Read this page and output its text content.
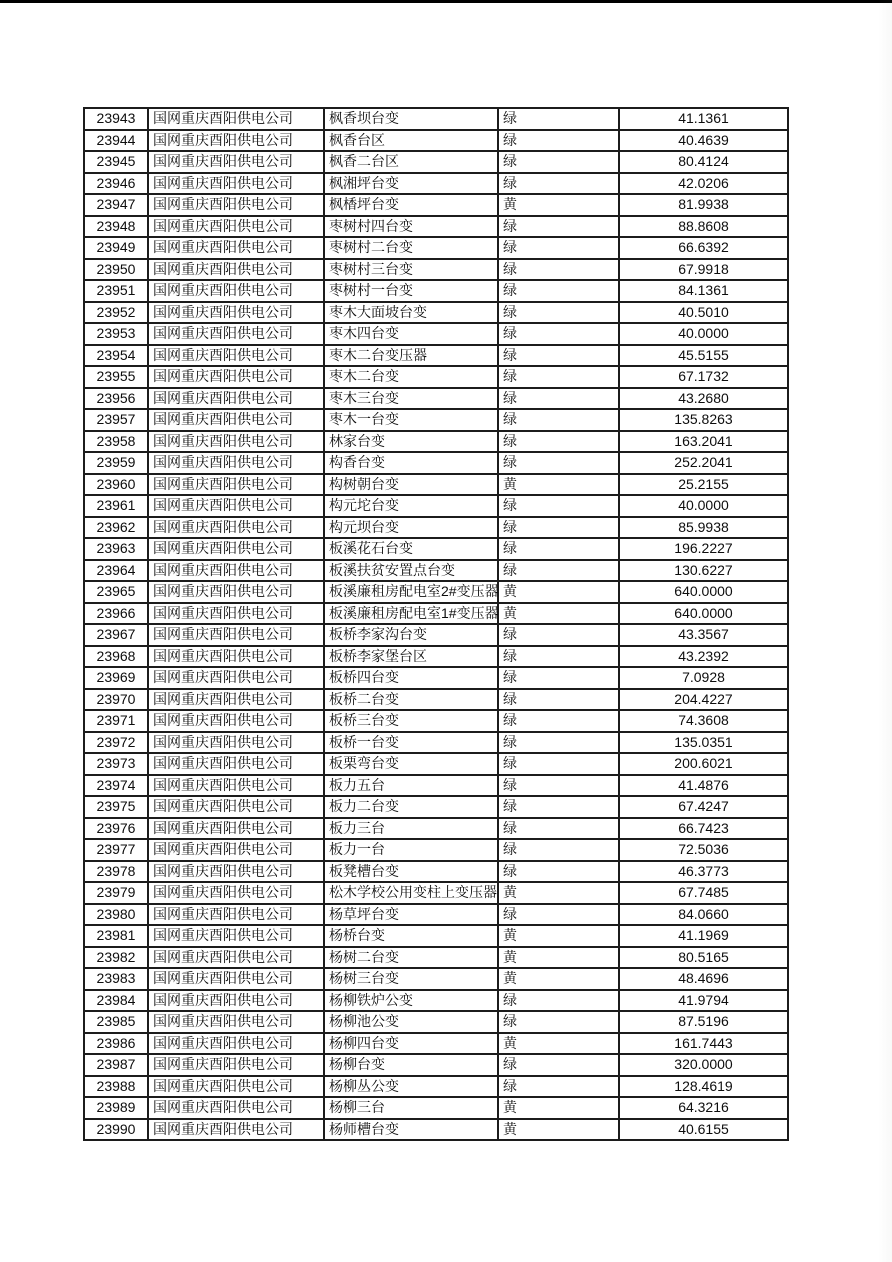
23943	国网重庆酉阳供电公司	枫香坝台变	绿	41.1361
23944	国网重庆酉阳供电公司	枫香台区	绿	40.4639
23945	国网重庆酉阳供电公司	枫香二台区	绿	80.4124
23946	国网重庆酉阳供电公司	枫湘坪台变	绿	42.0206
23947	国网重庆酉阳供电公司	枫楿坪台变	黄	81.9938
23948	国网重庆酉阳供电公司	枣树村四台变	绿	88.8608
23949	国网重庆酉阳供电公司	枣树村二台变	绿	66.6392
23950	国网重庆酉阳供电公司	枣树村三台变	绿	67.9918
23951	国网重庆酉阳供电公司	枣树村一台变	绿	84.1361
23952	国网重庆酉阳供电公司	枣木大面坡台变	绿	40.5010
23953	国网重庆酉阳供电公司	枣木四台变	绿	40.0000
23954	国网重庆酉阳供电公司	枣木二台变压器	绿	45.5155
23955	国网重庆酉阳供电公司	枣木二台变	绿	67.1732
23956	国网重庆酉阳供电公司	枣木三台变	绿	43.2680
23957	国网重庆酉阳供电公司	枣木一台变	绿	135.8263
23958	国网重庆酉阳供电公司	林家台变	绿	163.2041
23959	国网重庆酉阳供电公司	构香台变	绿	252.2041
23960	国网重庆酉阳供电公司	构树朝台变	黄	25.2155
23961	国网重庆酉阳供电公司	构元坨台变	绿	40.0000
23962	国网重庆酉阳供电公司	构元坝台变	绿	85.9938
23963	国网重庆酉阳供电公司	板溪花石台变	绿	196.2227
23964	国网重庆酉阳供电公司	板溪扶贫安置点台变	绿	130.6227
23965	国网重庆酉阳供电公司	板溪廉租房配电室2#变压器	黄	640.0000
23966	国网重庆酉阳供电公司	板溪廉租房配电室1#变压器	黄	640.0000
23967	国网重庆酉阳供电公司	板桥李家沟台变	绿	43.3567
23968	国网重庆酉阳供电公司	板桥李家堡台区	绿	43.2392
23969	国网重庆酉阳供电公司	板桥四台变	绿	7.0928
23970	国网重庆酉阳供电公司	板桥二台变	绿	204.4227
23971	国网重庆酉阳供电公司	板桥三台变	绿	74.3608
23972	国网重庆酉阳供电公司	板桥一台变	绿	135.0351
23973	国网重庆酉阳供电公司	板栗弯台变	绿	200.6021
23974	国网重庆酉阳供电公司	板力五台	绿	41.4876
23975	国网重庆酉阳供电公司	板力二台变	绿	67.4247
23976	国网重庆酉阳供电公司	板力三台	绿	66.7423
23977	国网重庆酉阳供电公司	板力一台	绿	72.5036
23978	国网重庆酉阳供电公司	板凳槽台变	绿	46.3773
23979	国网重庆酉阳供电公司	松木学校公用变柱上变压器	黄	67.7485
23980	国网重庆酉阳供电公司	杨草坪台变	绿	84.0660
23981	国网重庆酉阳供电公司	杨桥台变	黄	41.1969
23982	国网重庆酉阳供电公司	杨树二台变	黄	80.5165
23983	国网重庆酉阳供电公司	杨树三台变	黄	48.4696
23984	国网重庆酉阳供电公司	杨柳铁炉公变	绿	41.9794
23985	国网重庆酉阳供电公司	杨柳池公变	绿	87.5196
23986	国网重庆酉阳供电公司	杨柳四台变	黄	161.7443
23987	国网重庆酉阳供电公司	杨柳台变	绿	320.0000
23988	国网重庆酉阳供电公司	杨柳丛公变	绿	128.4619
23989	国网重庆酉阳供电公司	杨柳三台	黄	64.3216
23990	国网重庆酉阳供电公司	杨师槽台变	黄	40.6155
